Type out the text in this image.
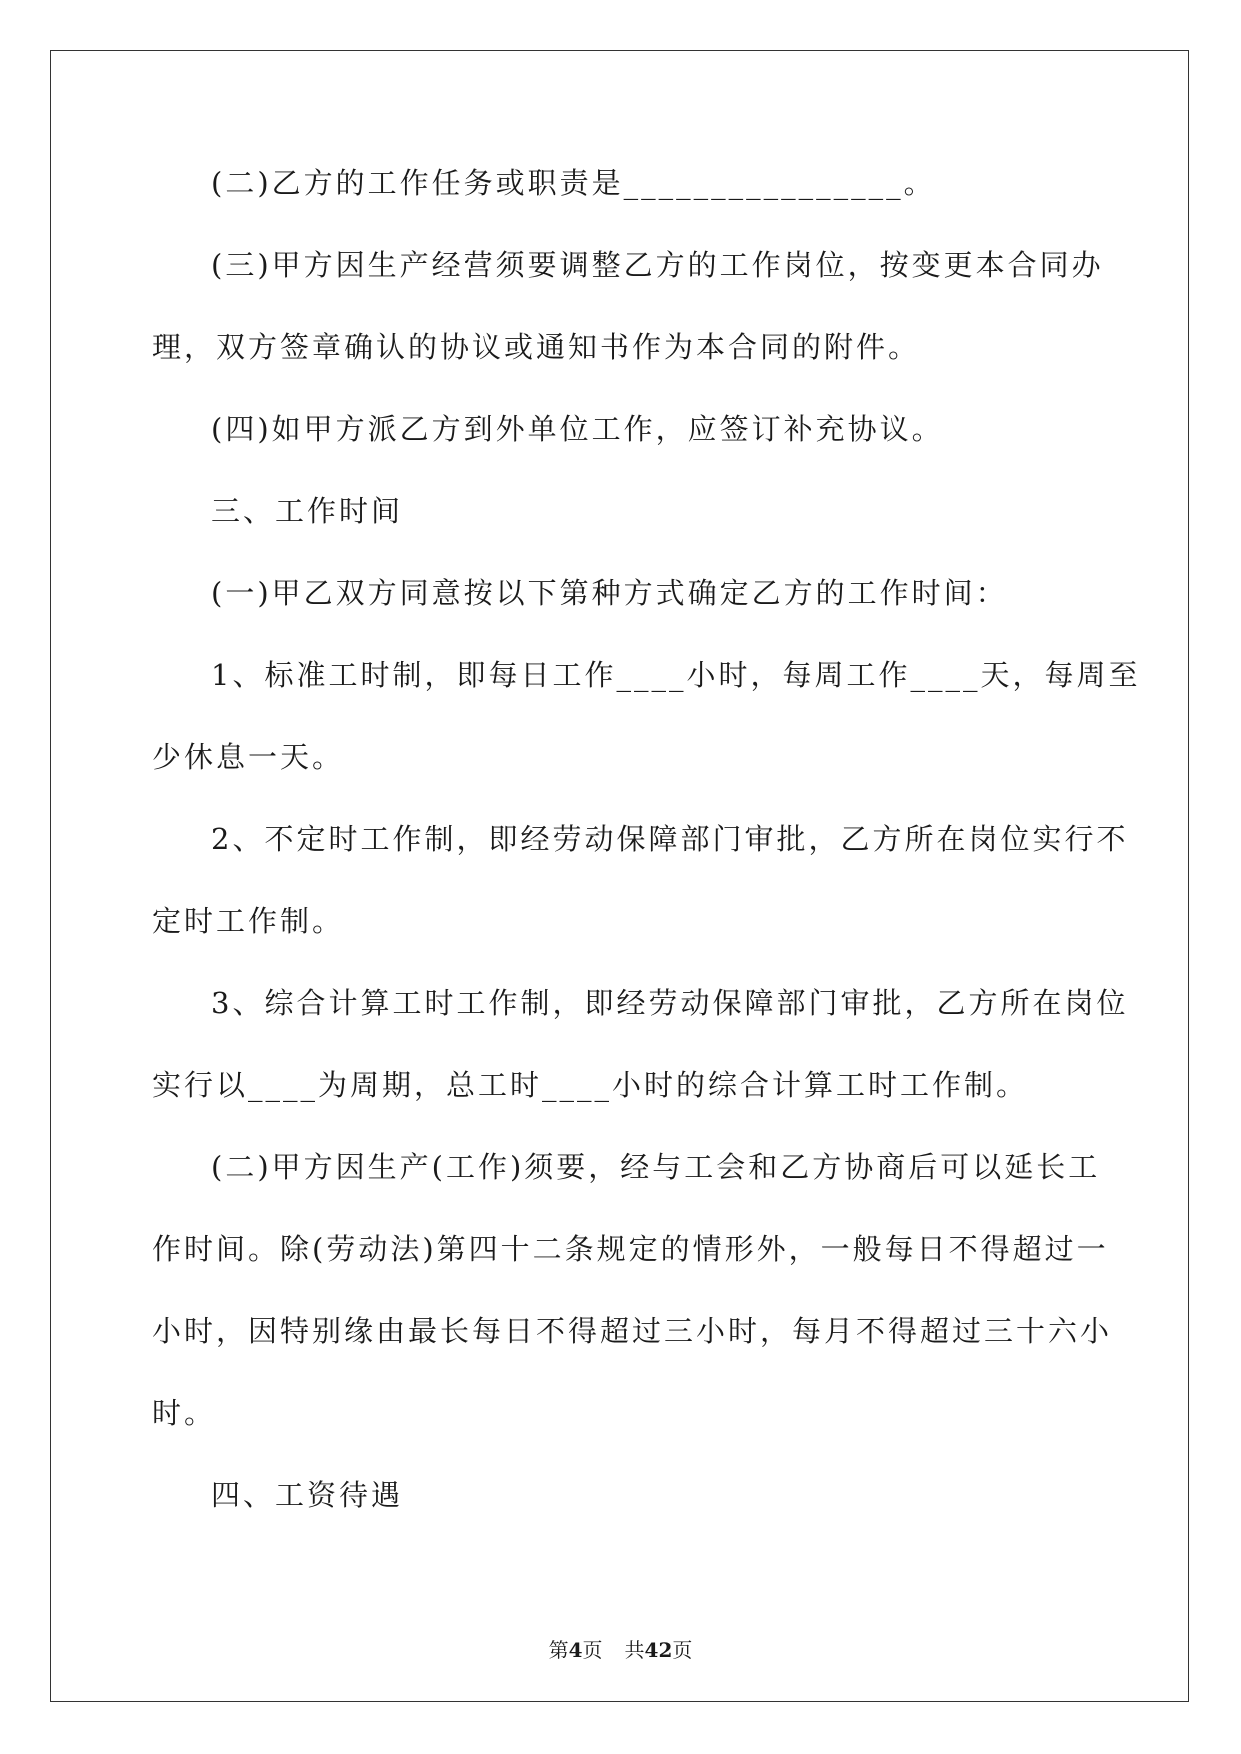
(二)乙方的工作任务或职责是________________。
(三)甲方因生产经营须要调整乙方的工作岗位，按变更本合同办
理，双方签章确认的协议或通知书作为本合同的附件。
(四)如甲方派乙方到外单位工作，应签订补充协议。
三、工作时间
(一)甲乙双方同意按以下第种方式确定乙方的工作时间：
1、标准工时制，即每日工作____小时，每周工作____天，每周至
少休息一天。
2、不定时工作制，即经劳动保障部门审批，乙方所在岗位实行不
定时工作制。
3、综合计算工时工作制，即经劳动保障部门审批，乙方所在岗位
实行以____为周期，总工时____小时的综合计算工时工作制。
(二)甲方因生产(工作)须要，经与工会和乙方协商后可以延长工
作时间。除(劳动法)第四十二条规定的情形外，一般每日不得超过一
小时，因特别缘由最长每日不得超过三小时，每月不得超过三十六小
时。
四、工资待遇
第4页 共42页
